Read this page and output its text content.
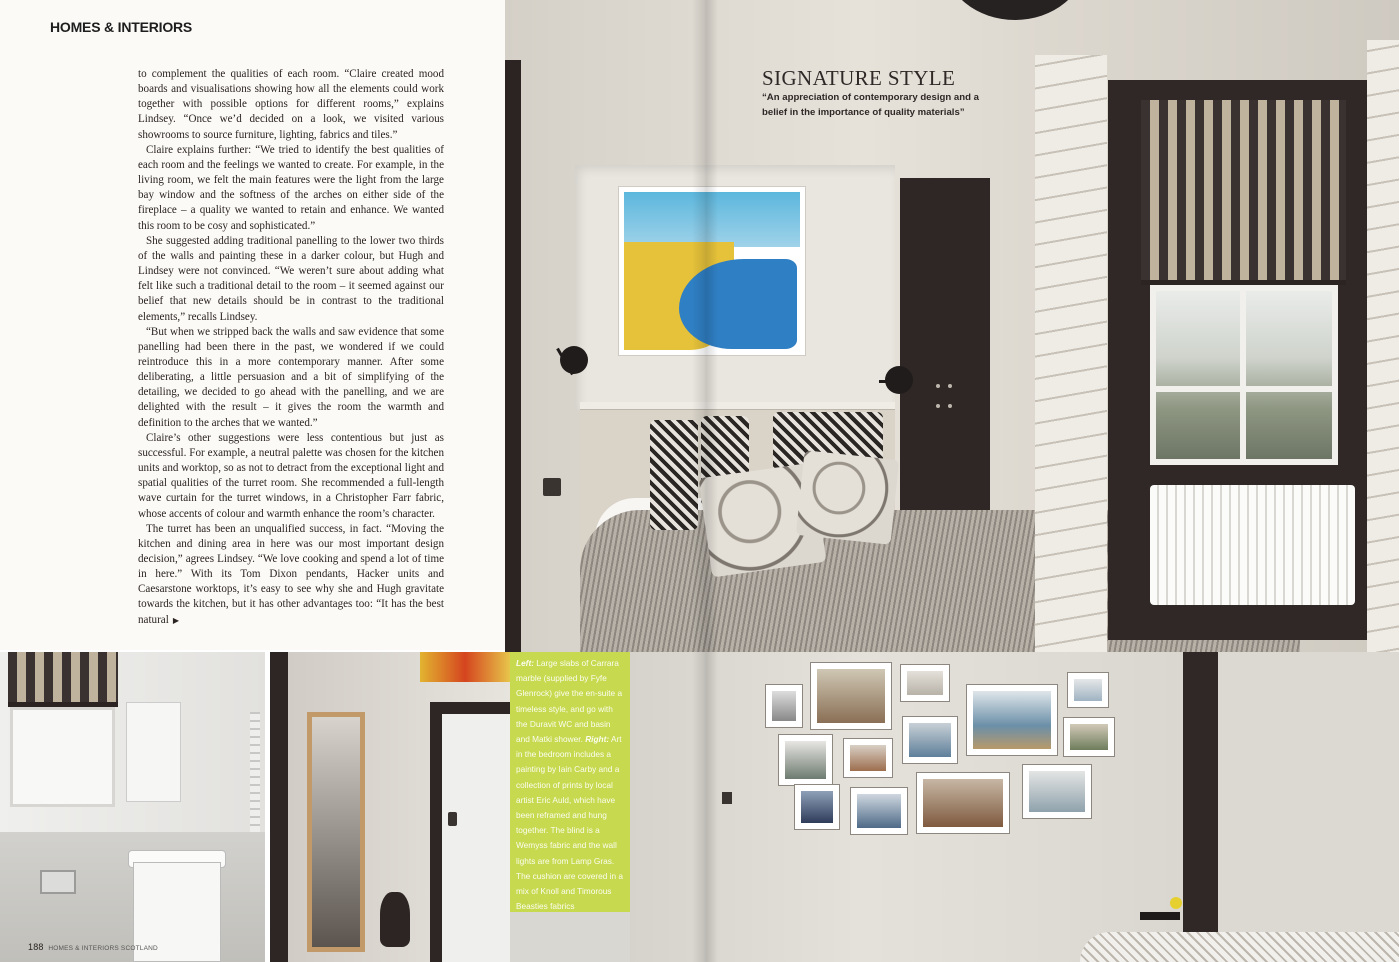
HOMES & INTERIORS

to complement the qualities of each room. “Claire created mood boards and visualisations showing how all the elements could work together with possible options for different rooms,” explains Lindsey. “Once we’d decided on a look, we visited various showrooms to source furniture, lighting, fabrics and tiles.”

Claire explains further: “We tried to identify the best qualities of each room and the feelings we wanted to create. For example, in the living room, we felt the main features were the light from the large bay window and the softness of the arches on either side of the fireplace – a quality we wanted to retain and enhance. We wanted this room to be cosy and sophisticated.”

She suggested adding traditional panelling to the lower two thirds of the walls and painting these in a darker colour, but Hugh and Lindsey were not convinced. “We weren’t sure about adding what felt like such a traditional detail to the room – it seemed against our belief that new details should be in contrast to the traditional elements,” recalls Lindsey.

“But when we stripped back the walls and saw evidence that some panelling had been there in the past, we wondered if we could reintroduce this in a more contemporary manner. After some deliberating, a little persuasion and a bit of simplifying of the detailing, we decided to go ahead with the panelling, and we are delighted with the result – it gives the room the warmth and definition to the arches that we wanted.”

Claire’s other suggestions were less contentious but just as successful. For example, a neutral palette was chosen for the kitchen units and worktop, so as not to detract from the exceptional light and spatial qualities of the turret room. She recommended a full-length wave curtain for the turret windows, in a Christopher Farr fabric, whose accents of colour and warmth enhance the room’s character.

The turret has been an unqualified success, in fact. “Moving the kitchen and dining area in here was our most important design decision,” agrees Lindsey. “We love cooking and spend a lot of time in here.” With its Tom Dixon pendants, Hacker units and Caesarstone worktops, it’s easy to see why she and Hugh gravitate towards the kitchen, but it has other advantages too: “It has the best natural ▶

SIGNATURE STYLE
“An appreciation of contemporary design and a belief in the importance of quality materials”
188 HOMES & INTERIORS SCOTLAND
Left: Large slabs of Carrara marble (supplied by Fyfe Glenrock) give the en-suite a timeless style, and go with the Duravit WC and basin and Matki shower. Right: Art in the bedroom includes a painting by Iain Carby and a collection of prints by local artist Eric Auld, which have been reframed and hung together. The blind is a Wemyss fabric and the wall lights are from Lamp Gras. The cushion are covered in a mix of Knoll and Timorous Beasties fabrics
